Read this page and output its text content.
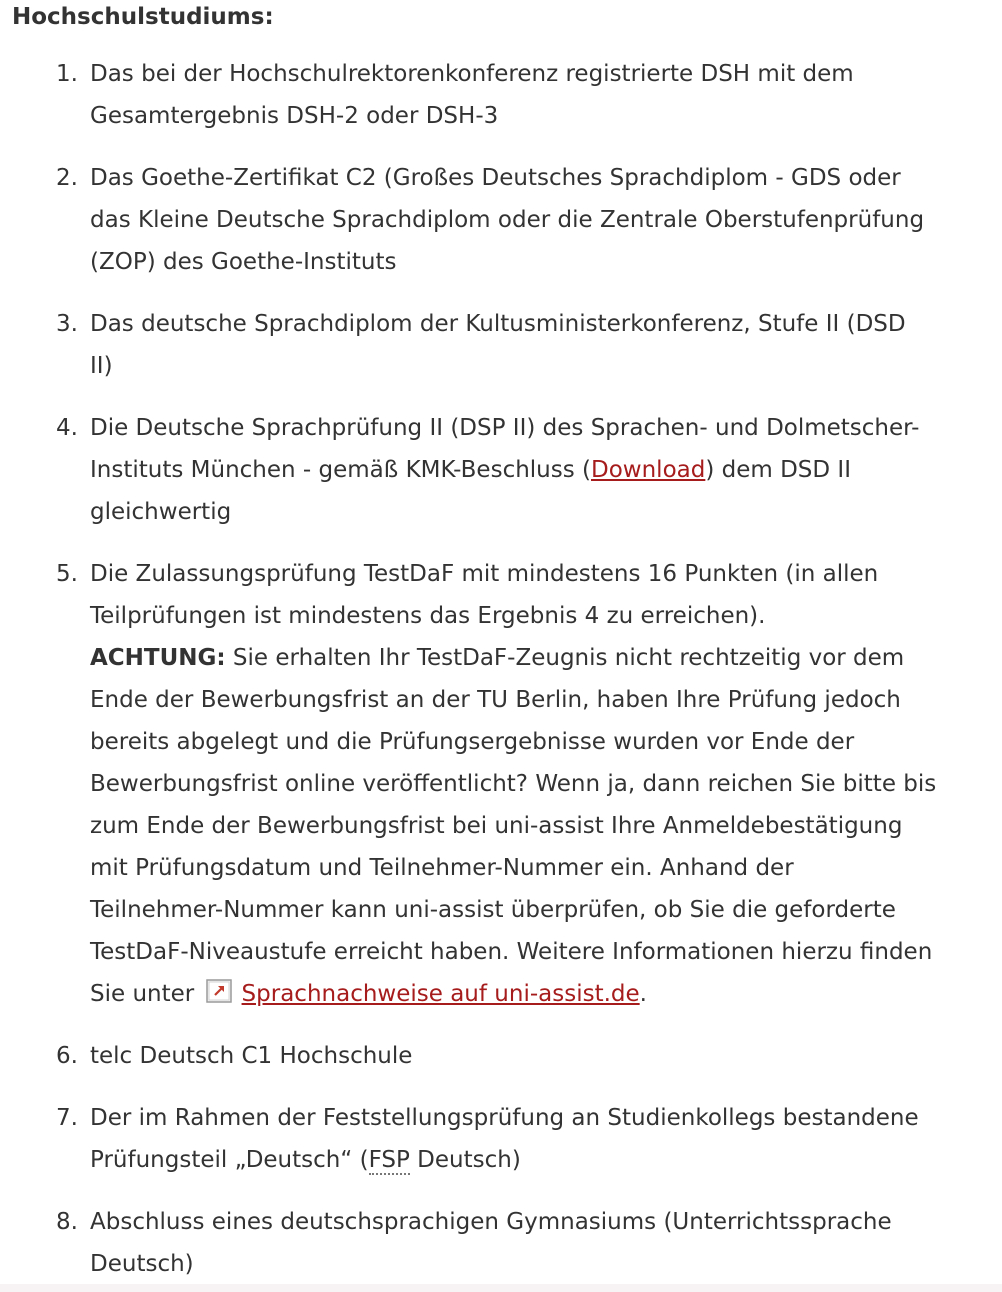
Hochschulstudiums:
1. Das bei der Hochschulrektorenkonferenz registrierte DSH mit dem
Gesamtergebnis DSH-2 oder DSH-3

2. Das Goethe-Zertifikat C2 (Großes Deutsches Sprachdiplom - GDS oder
das Kleine Deutsche Sprachdiplom oder die Zentrale Oberstufenprüfung
(ZOP) des Goethe-Instituts

3. Das deutsche Sprachdiplom der Kultusministerkonferenz, Stufe II (DSD
II)

4. Die Deutsche Sprachprüfung II (DSP II) des Sprachen- und Dolmetscher-
Instituts München - gemäß KMK-Beschluss (Download) dem DSD II
gleichwertig

5. Die Zulassungsprüfung TestDaF mit mindestens 16 Punkten (in allen
Teilprüfungen ist mindestens das Ergebnis 4 zu erreichen).
ACHTUNG: Sie erhalten Ihr TestDaF-Zeugnis nicht rechtzeitig vor dem
Ende der Bewerbungsfrist an der TU Berlin, haben Ihre Prüfung jedoch
bereits abgelegt und die Prüfungsergebnisse wurden vor Ende der
Bewerbungsfrist online veröffentlicht? Wenn ja, dann reichen Sie bitte bis
zum Ende der Bewerbungsfrist bei uni-assist Ihre Anmeldebestätigung
mit Prüfungsdatum und Teilnehmer-Nummer ein. Anhand der
Teilnehmer-Nummer kann uni-assist überprüfen, ob Sie die geforderte
TestDaF-Niveaustufe erreicht haben. Weitere Informationen hierzu finden
Sie unter Sprachnachweise auf uni-assist.de.

6. telc Deutsch C1 Hochschule

7. Der im Rahmen der Feststellungsprüfung an Studienkollegs bestandene
Prüfungsteil „Deutsch“ (FSP Deutsch)

8. Abschluss eines deutschsprachigen Gymnasiums (Unterrichtssprache
Deutsch)
